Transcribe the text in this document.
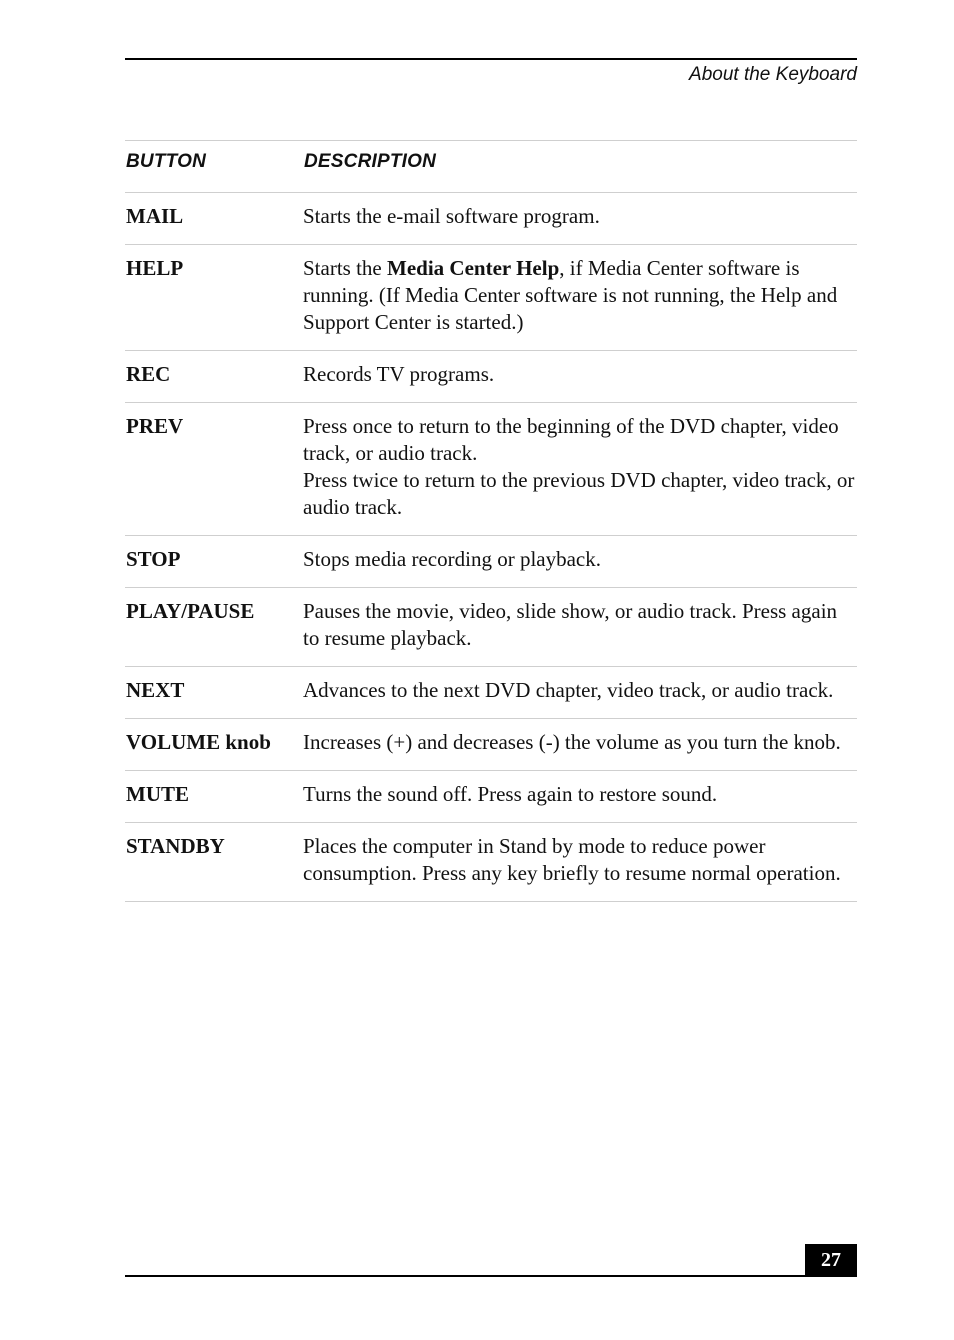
About the Keyboard
BUTTON	DESCRIPTION
MAIL	Starts the e-mail software program.

HELP	Starts the Media Center Help, if Media Center software is running. (If Media Center software is not running, the Help and Support Center is started.)
REC	Records TV programs.

PREV	Press once to return to the beginning of the DVD chapter, video track, or audio track.
Press twice to return to the previous DVD chapter, video track, or audio track.

STOP	Stops media recording or playback.

PLAY/PAUSE	Pauses the movie, video, slide show, or audio track. Press again to resume playback.

NEXT	Advances to the next DVD chapter, video track, or audio track.

VOLUME knob	Increases (+) and decreases (-) the volume as you turn the knob.

MUTE	Turns the sound off. Press again to restore sound.

STANDBY	Places the computer in Stand by mode to reduce power consumption. Press any key briefly to resume normal operation.
27
